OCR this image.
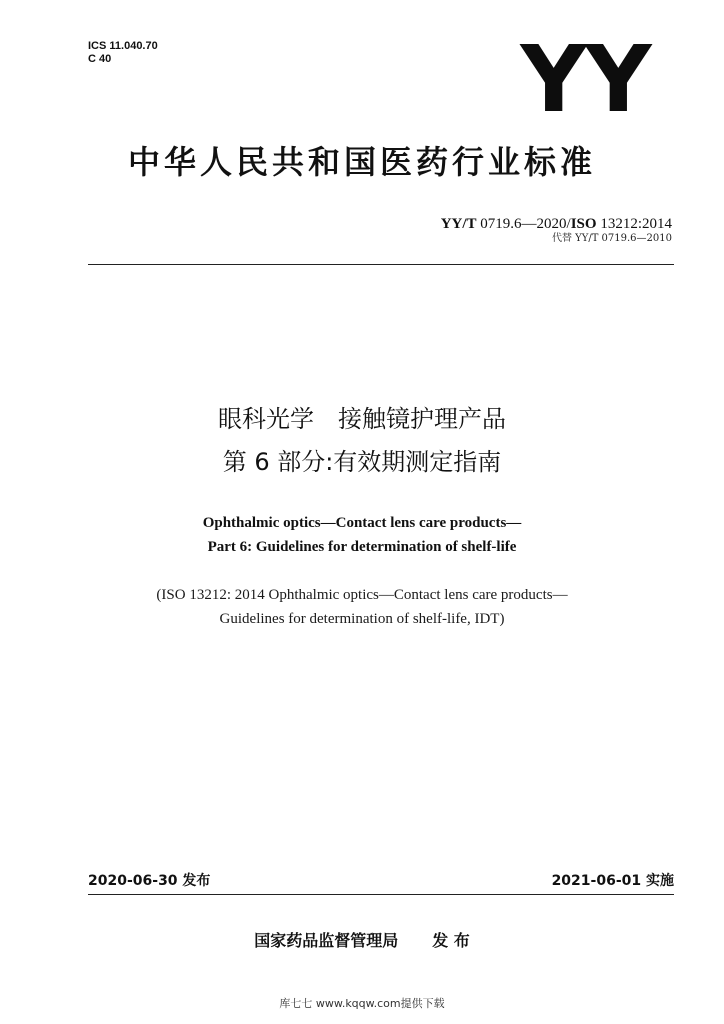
ICS 11.040.70
C 40	YY
中华人民共和国医药行业标准
YY/T 0719.6—2020/ISO 13212:2014
代替 YY/T 0719.6—2010
眼科光学　接触镜护理产品
第 6 部分:有效期测定指南
Ophthalmic optics—Contact lens care products—
Part 6: Guidelines for determination of shelf-life
(ISO 13212: 2014 Ophthalmic optics—Contact lens care products—
Guidelines for determination of shelf-life, IDT)
2020-06-30 发布	2021-06-01 实施
国家药品监督管理局 发 布
库七七 www.kqqw.com提供下载
